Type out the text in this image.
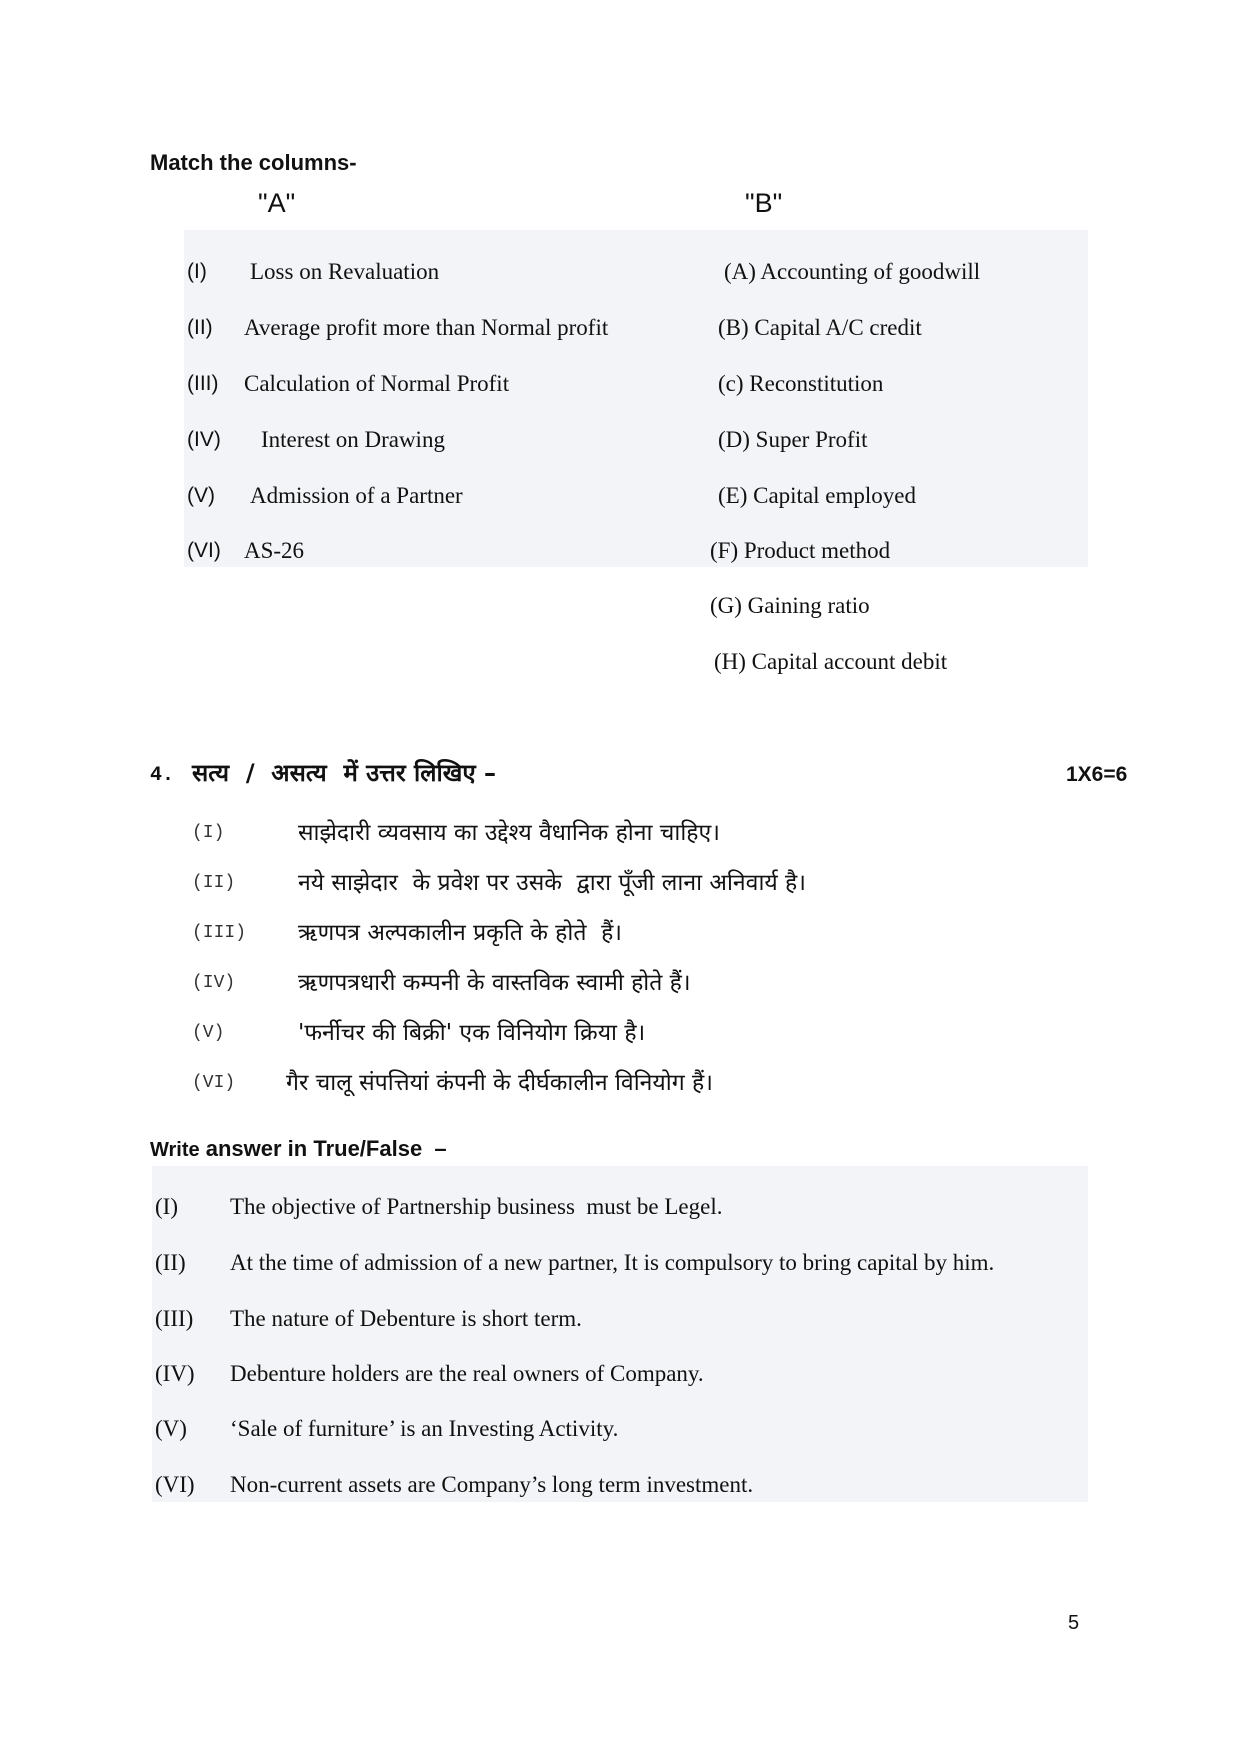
Match the columns-
"A"	"B"
(I) Loss on Revaluation	(A) Accounting of goodwill
(II) Average profit more than Normal profit	(B) Capital A/C credit
(III) Calculation of Normal Profit	(c) Reconstitution
(IV) Interest on Drawing	(D) Super Profit
(V) Admission of a Partner	(E) Capital employed
(VI) AS-26	(F) Product method
(G) Gaining ratio
(H) Capital account debit
4. सत्य  /  असत्य  में उत्तर लिखिए –	1X6=6
(I)	साझेदारी व्यवसाय का उद्देश्य वैधानिक होना चाहिए।
(II)	नये साझेदार  के प्रवेश पर उसके  द्वारा पूँजी लाना अनिवार्य है।
(III) ऋणपत्र अल्पकालीन प्रकृति के होते  हैं।
(IV)	ऋणपत्रधारी कम्पनी के वास्तविक स्वामी होते हैं।
(V)	'फर्नीचर की बिक्री' एक विनियोग क्रिया है।
(VI) गैर चालू संपत्तियां कंपनी के दीर्घकालीन विनियोग हैं।
Write answer in True/False  –
(I) The objective of Partnership business  must be Legel.
(II) At the time of admission of a new partner, It is compulsory to bring capital by him.
(III) The nature of Debenture is short term.
(IV) Debenture holders are the real owners of Company.
(V) ‘Sale of furniture’ is an Investing Activity.
(VI) Non-current assets are Company’s long term investment.
5
